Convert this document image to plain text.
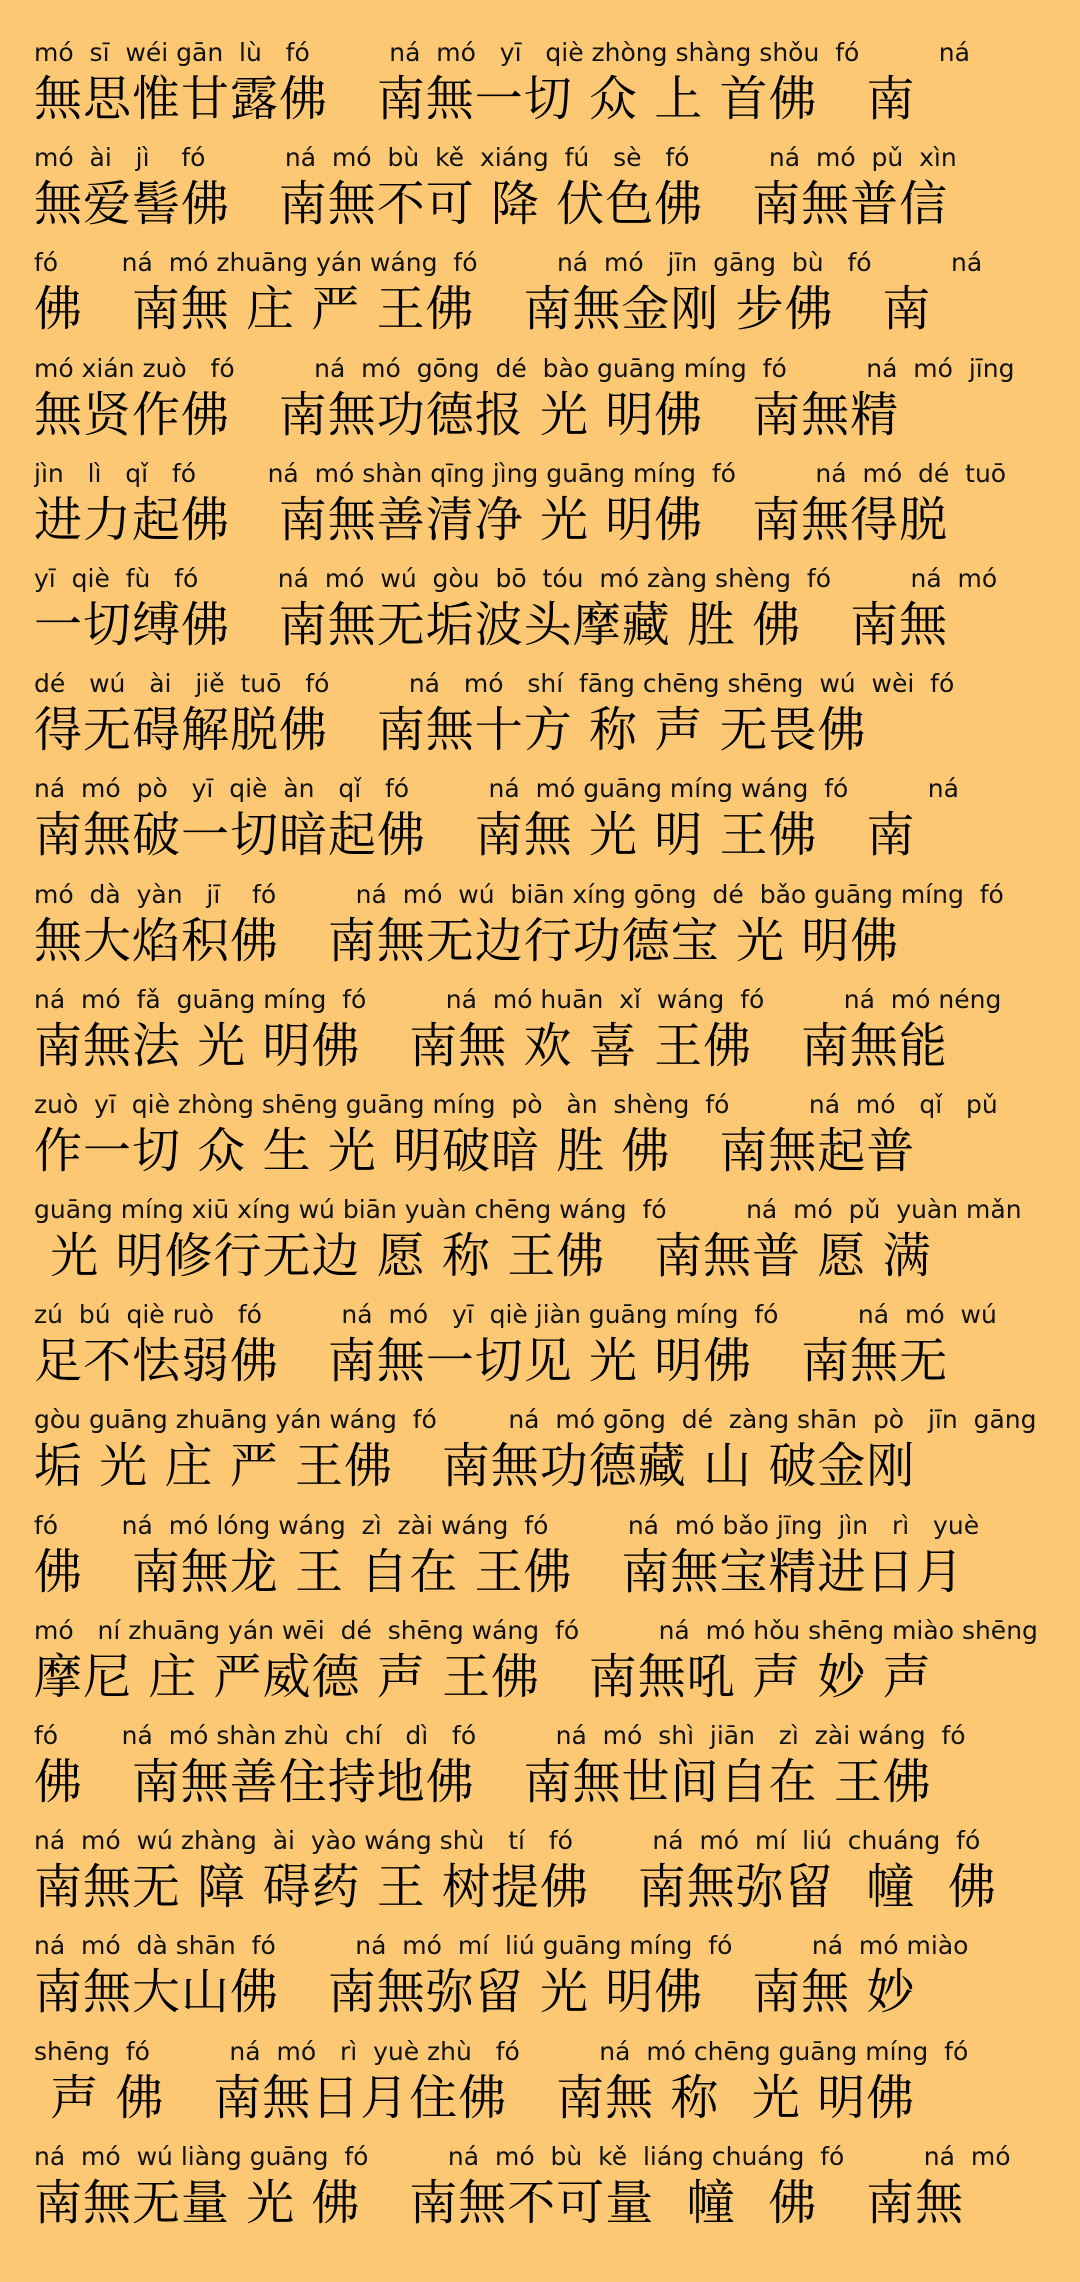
mó  sī  wéi gān  lù   fó          ná  mó   yī   qiè zhòng shàng shǒu  fó          ná

無思惟甘露佛   南無一切 众 上 首佛   南

mó  ài   jì    fó          ná  mó  bù  kě  xiáng  fú   sè   fó          ná  mó  pǔ  xìn

無爱髻佛   南無不可 降 伏色佛   南無普信

fó        ná  mó zhuāng yán wáng  fó          ná  mó   jīn  gāng  bù   fó          ná

佛   南無 庄 严 王佛   南無金刚 步佛   南

mó xián zuò   fó          ná  mó  gōng  dé  bào guāng míng  fó          ná  mó  jīng

無贤作佛   南無功德报 光 明佛   南無精

jìn   lì   qǐ   fó         ná  mó shàn qīng jìng guāng míng  fó          ná  mó  dé  tuō

进力起佛   南無善清净 光 明佛   南無得脱

yī  qiè  fù   fó          ná  mó  wú  gòu  bō  tóu  mó zàng shèng  fó          ná  mó

一切缚佛   南無无垢波头摩藏 胜 佛   南無

dé   wú   ài   jiě  tuō   fó          ná   mó   shí  fāng chēng shēng  wú  wèi  fó

得无碍解脱佛   南無十方 称 声 无畏佛

ná  mó  pò   yī  qiè  àn   qǐ   fó          ná  mó guāng míng wáng  fó          ná

南無破一切暗起佛   南無 光 明 王佛   南

mó  dà  yàn   jī    fó          ná  mó  wú  biān xíng gōng  dé  bǎo guāng míng  fó

無大焰积佛   南無无边行功德宝 光 明佛

ná  mó  fǎ  guāng míng  fó          ná  mó huān  xǐ  wáng  fó          ná  mó néng

南無法 光 明佛   南無 欢 喜 王佛   南無能

zuò  yī  qiè zhòng shēng guāng míng  pò   àn  shèng  fó          ná  mó   qǐ   pǔ

作一切 众 生 光 明破暗 胜 佛   南無起普

guāng míng xiū xíng wú biān yuàn chēng wáng  fó          ná  mó  pǔ  yuàn mǎn

光 明修行无边 愿 称 王佛   南無普 愿 满

zú  bú  qiè ruò   fó          ná  mó   yī  qiè jiàn guāng míng  fó          ná  mó  wú

足不怯弱佛   南無一切见 光 明佛   南無无

gòu guāng zhuāng yán wáng  fó         ná  mó gōng  dé  zàng shān  pò   jīn  gāng

垢 光 庄 严 王佛   南無功德藏 山 破金刚

fó        ná  mó lóng wáng  zì  zài wáng  fó          ná  mó bǎo jīng  jìn   rì   yuè

佛   南無龙 王 自在 王佛   南無宝精进日月

mó   ní zhuāng yán wēi  dé  shēng wáng  fó          ná  mó hǒu shēng miào shēng

摩尼 庄 严威德 声 王佛   南無吼 声 妙 声

fó        ná  mó shàn zhù  chí   dì   fó          ná  mó  shì  jiān   zì  zài wáng  fó

佛   南無善住持地佛   南無世间自在 王佛

ná  mó  wú zhàng  ài  yào wáng shù   tí   fó          ná  mó  mí  liú  chuáng  fó

南無无 障 碍药 王 树提佛   南無弥留  幢  佛

ná  mó  dà shān  fó          ná  mó  mí  liú guāng míng  fó          ná  mó miào

南無大山佛   南無弥留 光 明佛   南無 妙

shēng  fó          ná  mó   rì  yuè zhù   fó          ná  mó chēng guāng míng  fó

声 佛   南無日月住佛   南無 称  光 明佛

ná  mó  wú liàng guāng  fó          ná  mó  bù  kě  liáng chuáng  fó          ná  mó

南無无量 光 佛   南無不可量  幢  佛   南無
